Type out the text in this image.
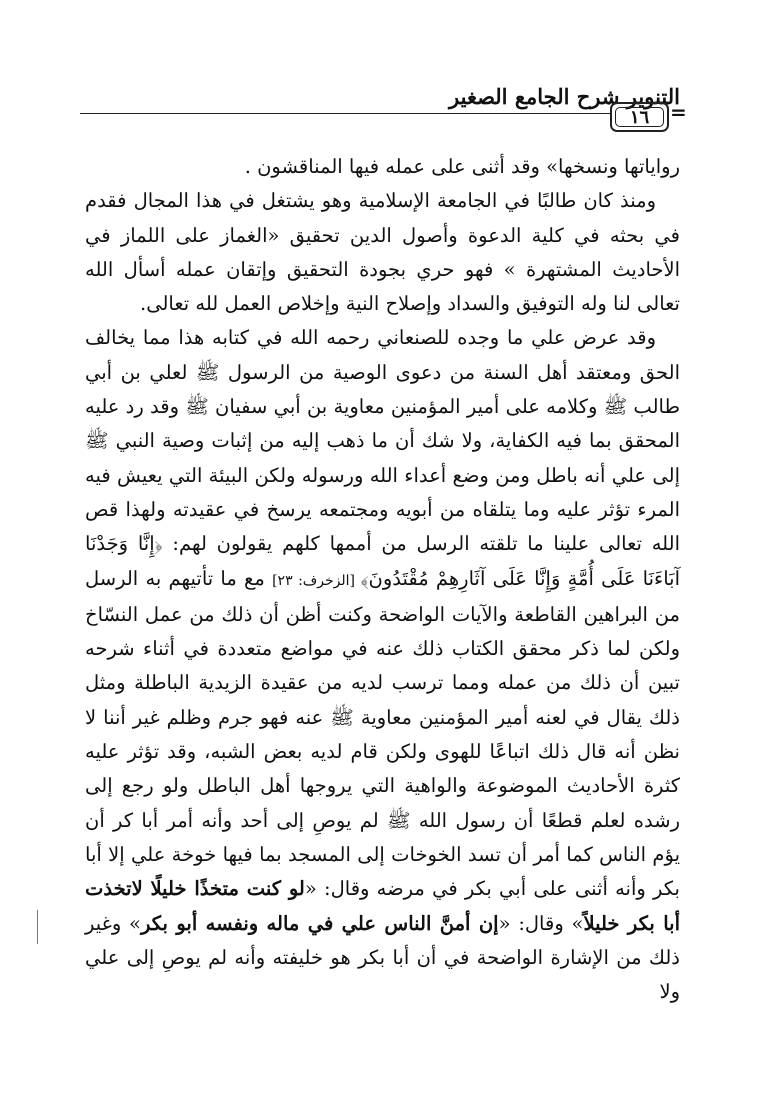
التنوير شرح الجامع الصغير
١٦ =

رواياتها ونسخها» وقد أثنى على عمله فيها المناقشون .

ومنذ كان طالبًا في الجامعة الإسلامية وهو يشتغل في هذا المجال فقدم في بحثه في كلية الدعوة وأصول الدين تحقيق «الغماز على اللماز في الأحاديث المشتهرة » فهو حري بجودة التحقيق وإتقان عمله أسأل الله تعالى لنا وله التوفيق والسداد وإصلاح النية وإخلاص العمل لله تعالى.

وقد عرض علي ما وجده للصنعاني رحمه الله في كتابه هذا مما يخالف الحق ومعتقد أهل السنة من دعوى الوصية من الرسول ﷺ لعلي بن أبي طالب ﷺ وكلامه على أمير المؤمنين معاوية بن أبي سفيان ﷺ وقد رد عليه المحقق بما فيه الكفاية، ولا شك أن ما ذهب إليه من إثبات وصية النبي ﷺ إلى علي أنه باطل ومن وضع أعداء الله ورسوله ولكن البيئة التي يعيش فيه المرء تؤثر عليه وما يتلقاه من أبويه ومجتمعه يرسخ في عقيدته ولهذا قص الله تعالى علينا ما تلقته الرسل من أممها كلهم يقولون لهم: ﴿إِنَّا وَجَدْنَا آبَاءَنَا عَلَى أُمَّةٍ وَإِنَّا عَلَى آثَارِهِمْ مُقْتَدُونَ﴾ [الزخرف: ٢٣] مع ما تأتيهم به الرسل من البراهين القاطعة والآيات الواضحة وكنت أظن أن ذلك من عمل النسّاخ ولكن لما ذكر محقق الكتاب ذلك عنه في مواضع متعددة في أثناء شرحه تبين أن ذلك من عمله ومما ترسب لديه من عقيدة الزيدية الباطلة ومثل ذلك يقال في لعنه أمير المؤمنين معاوية ﷺ عنه فهو جرم وظلم غير أننا لا نظن أنه قال ذلك اتباعًا للهوى ولكن قام لديه بعض الشبه، وقد تؤثر عليه كثرة الأحاديث الموضوعة والواهية التي يروجها أهل الباطل ولو رجع إلى رشده لعلم قطعًا أن رسول الله ﷺ لم يوصِ إلى أحد وأنه أمر أبا كر أن يؤم الناس كما أمر أن تسد الخوخات إلى المسجد بما فيها خوخة علي إلا أبا بكر وأنه أثنى على أبي بكر في مرضه وقال: «لو كنت متخذًا خليلًا لاتخذت أبا بكر خليلاً» وقال: «إن أمنَّ الناس علي في ماله ونفسه أبو بكر» وغير ذلك من الإشارة الواضحة في أن أبا بكر هو خليفته وأنه لم يوصِ إلى علي ولا
